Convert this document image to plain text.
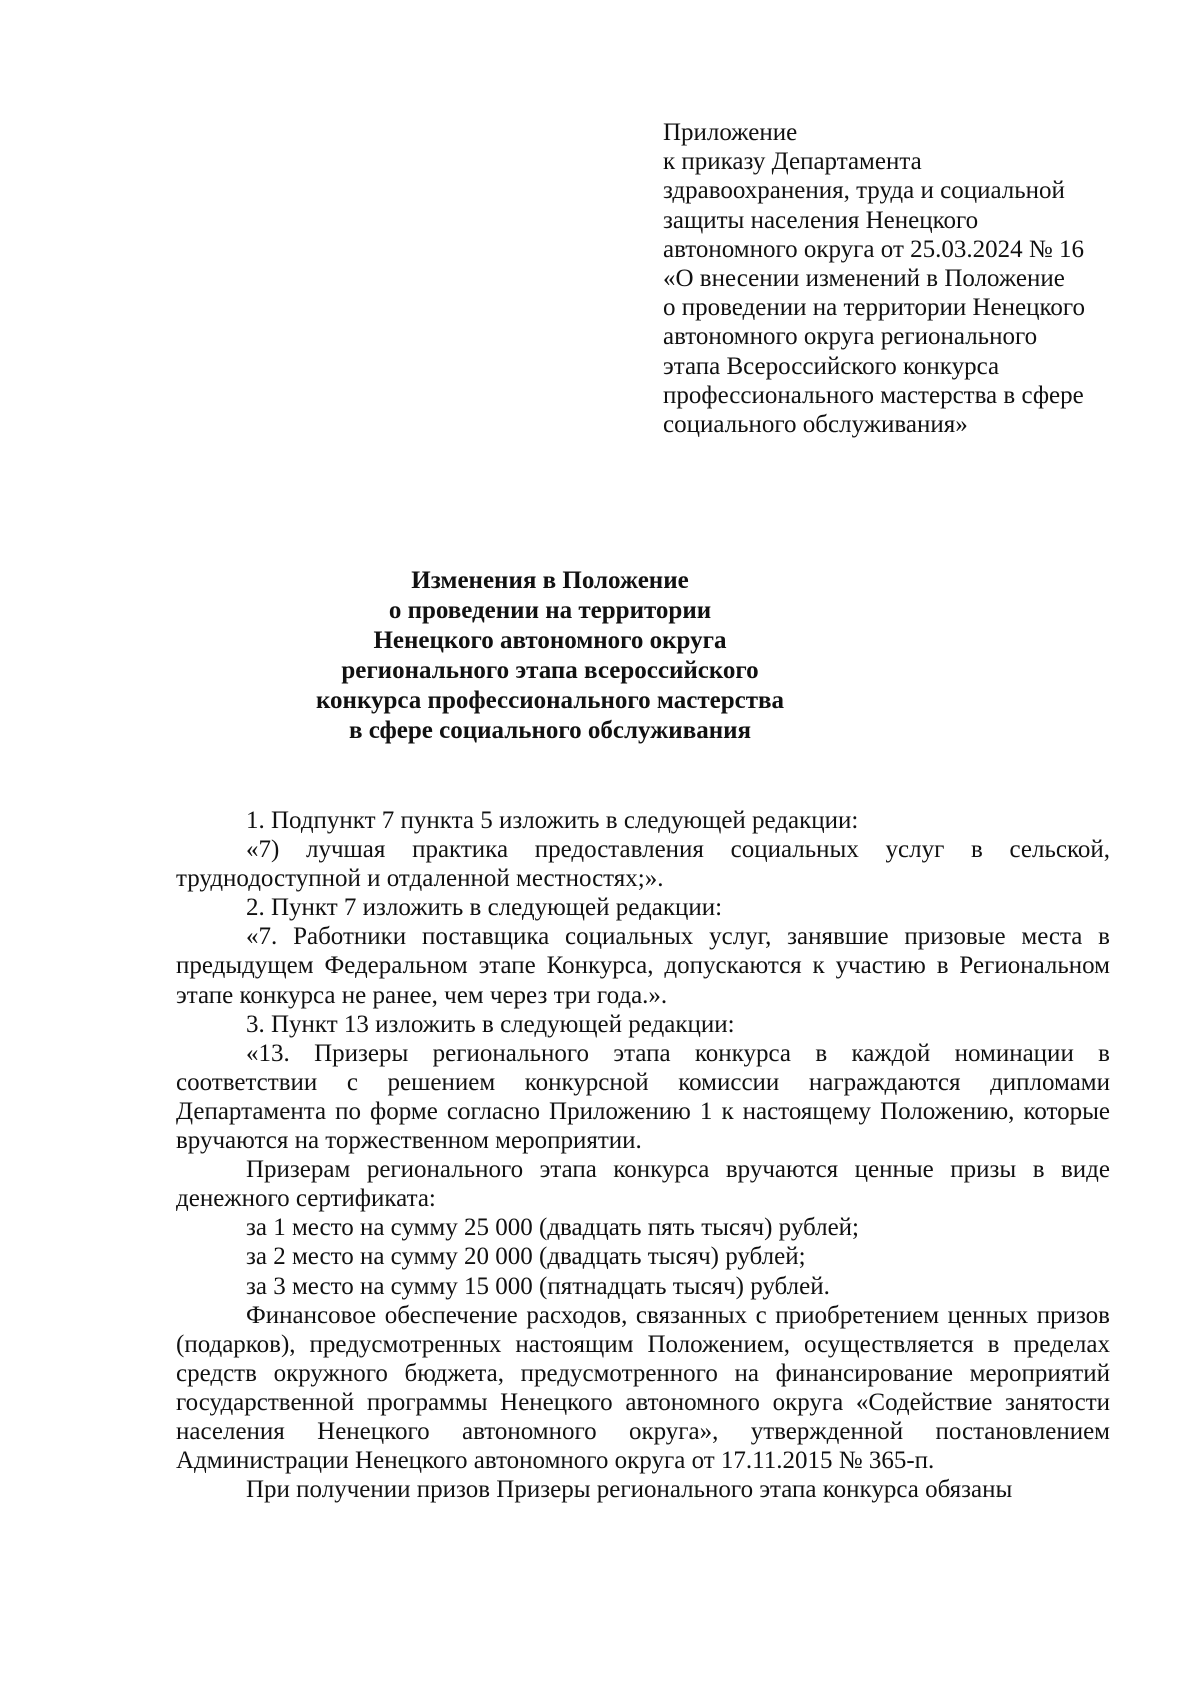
Приложение
к приказу Департамента
здравоохранения, труда и социальной
защиты населения Ненецкого
автономного округа от 25.03.2024 № 16
«О внесении изменений в Положение
о проведении на территории Ненецкого
автономного округа регионального
этапа Всероссийского конкурса
профессионального мастерства в сфере
социального обслуживания»
Изменения в Положение
о проведении на территории
Ненецкого автономного округа
регионального этапа всероссийского
конкурса профессионального мастерства
в сфере социального обслуживания

1. Подпункт 7 пункта 5 изложить в следующей редакции:

«7) лучшая практика предоставления социальных услуг в сельской, труднодоступной и отдаленной местностях;».

2. Пункт 7 изложить в следующей редакции:

«7. Работники поставщика социальных услуг, занявшие призовые места в предыдущем Федеральном этапе Конкурса, допускаются к участию в Региональном этапе конкурса не ранее, чем через три года.».

3. Пункт 13 изложить в следующей редакции:

«13. Призеры регионального этапа конкурса в каждой номинации в соответствии с решением конкурсной комиссии награждаются дипломами Департамента по форме согласно Приложению 1 к настоящему Положению, которые вручаются на торжественном мероприятии.

Призерам регионального этапа конкурса вручаются ценные призы в виде денежного сертификата:

за 1 место на сумму 25 000 (двадцать пять тысяч) рублей;

за 2 место на сумму 20 000 (двадцать тысяч) рублей;

за 3 место на сумму 15 000 (пятнадцать тысяч) рублей.

Финансовое обеспечение расходов, связанных с приобретением ценных призов (подарков), предусмотренных настоящим Положением, осуществляется в пределах средств окружного бюджета, предусмотренного на финансирование мероприятий государственной программы Ненецкого автономного округа «Содействие занятости населения Ненецкого автономного округа», утвержденной постановлением Администрации Ненецкого автономного округа от 17.11.2015 № 365-п.

При получении призов Призеры регионального этапа конкурса обязаны
